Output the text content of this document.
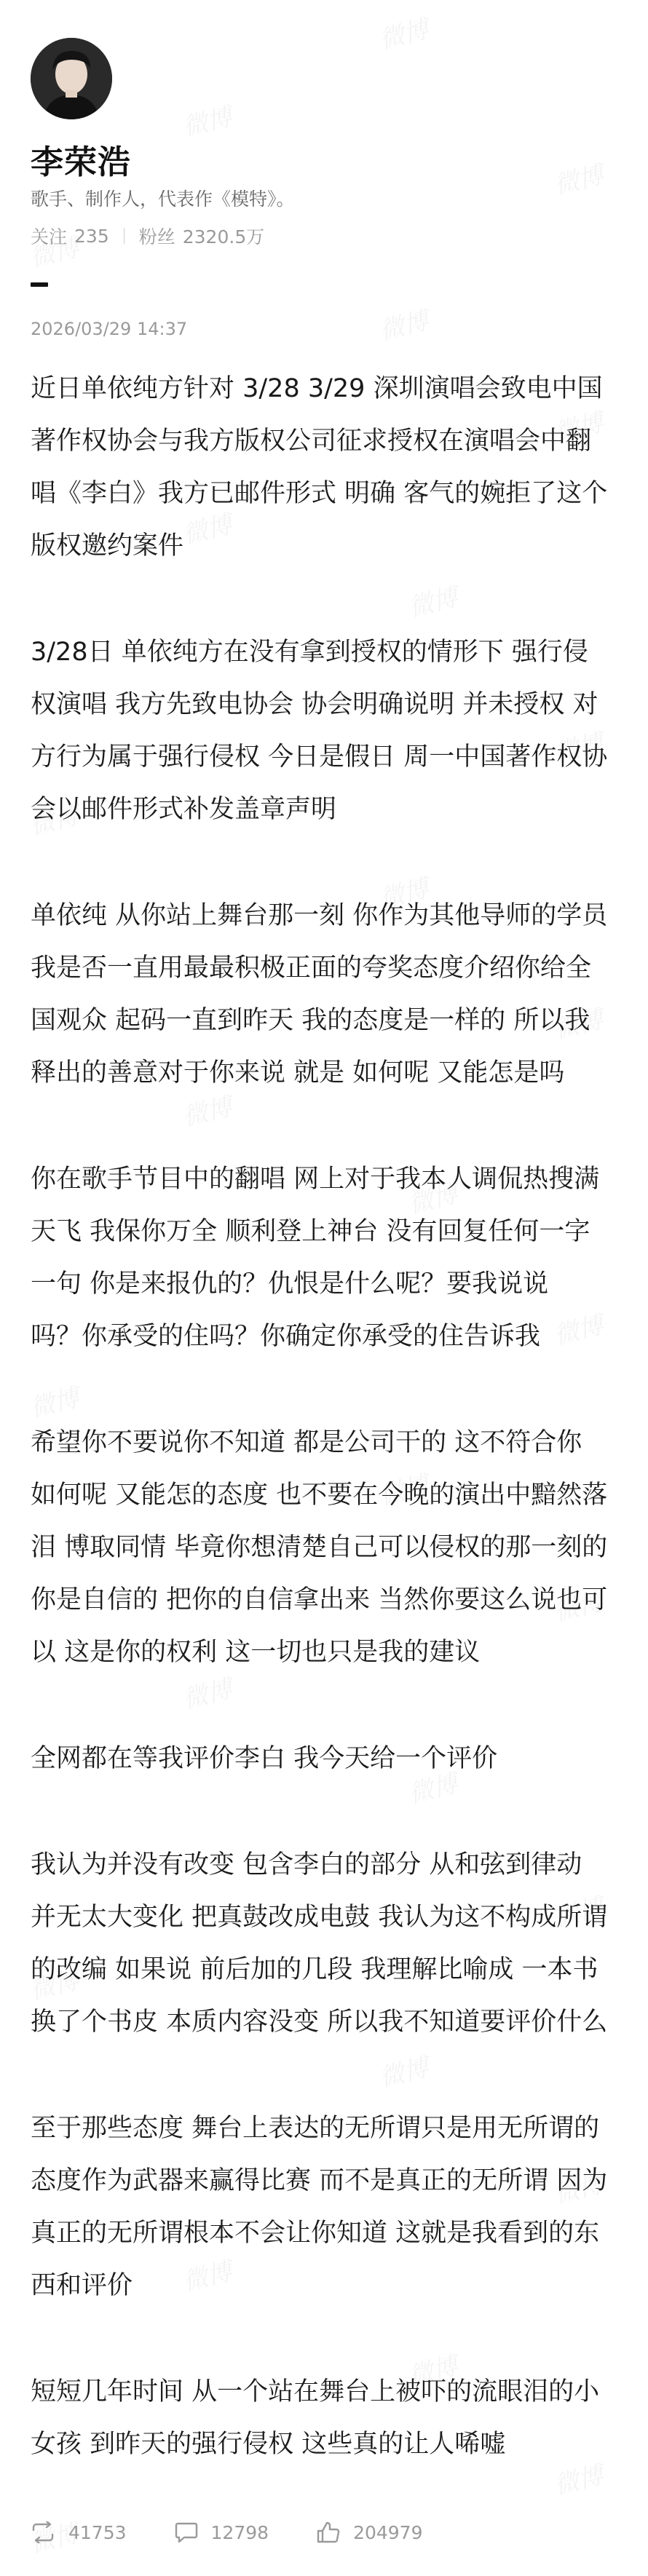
李荣浩
歌手、制作人，代表作《模特》。
关注 235 粉丝 2320.5万
2026/03/29 14:37
近日单依纯方针对 3/28 3/29 深圳演唱会致电中国
著作权协会与我方版权公司征求授权在演唱会中翻
唱《李白》我方已邮件形式 明确 客气的婉拒了这个
版权邀约案件
3/28日 单依纯方在没有拿到授权的情形下 强行侵
权演唱 我方先致电协会 协会明确说明 并未授权 对
方行为属于强行侵权 今日是假日 周一中国著作权协
会以邮件形式补发盖章声明
单依纯 从你站上舞台那一刻 你作为其他导师的学员
我是否一直用最最积极正面的夸奖态度介绍你给全
国观众 起码一直到昨天 我的态度是一样的 所以我
释出的善意对于你来说 就是 如何呢 又能怎是吗
你在歌手节目中的翻唱 网上对于我本人调侃热搜满
天飞 我保你万全 顺利登上神台 没有回复任何一字
一句 你是来报仇的？仇恨是什么呢？要我说说
吗？你承受的住吗？你确定你承受的住告诉我
希望你不要说你不知道 都是公司干的 这不符合你
如何呢 又能怎的态度 也不要在今晚的演出中黯然落
泪 博取同情 毕竟你想清楚自己可以侵权的那一刻的
你是自信的 把你的自信拿出来 当然你要这么说也可
以 这是你的权利 这一切也只是我的建议
全网都在等我评价李白 我今天给一个评价
我认为并没有改变 包含李白的部分 从和弦到律动
并无太大变化 把真鼓改成电鼓 我认为这不构成所谓
的改编 如果说 前后加的几段 我理解比喻成 一本书
换了个书皮 本质内容没变 所以我不知道要评价什么
至于那些态度 舞台上表达的无所谓只是用无所谓的
态度作为武器来赢得比赛 而不是真正的无所谓 因为
真正的无所谓根本不会让你知道 这就是我看到的东
西和评价
短短几年时间 从一个站在舞台上被吓的流眼泪的小
女孩 到昨天的强行侵权 这些真的让人唏嘘
41753	12798	204979
